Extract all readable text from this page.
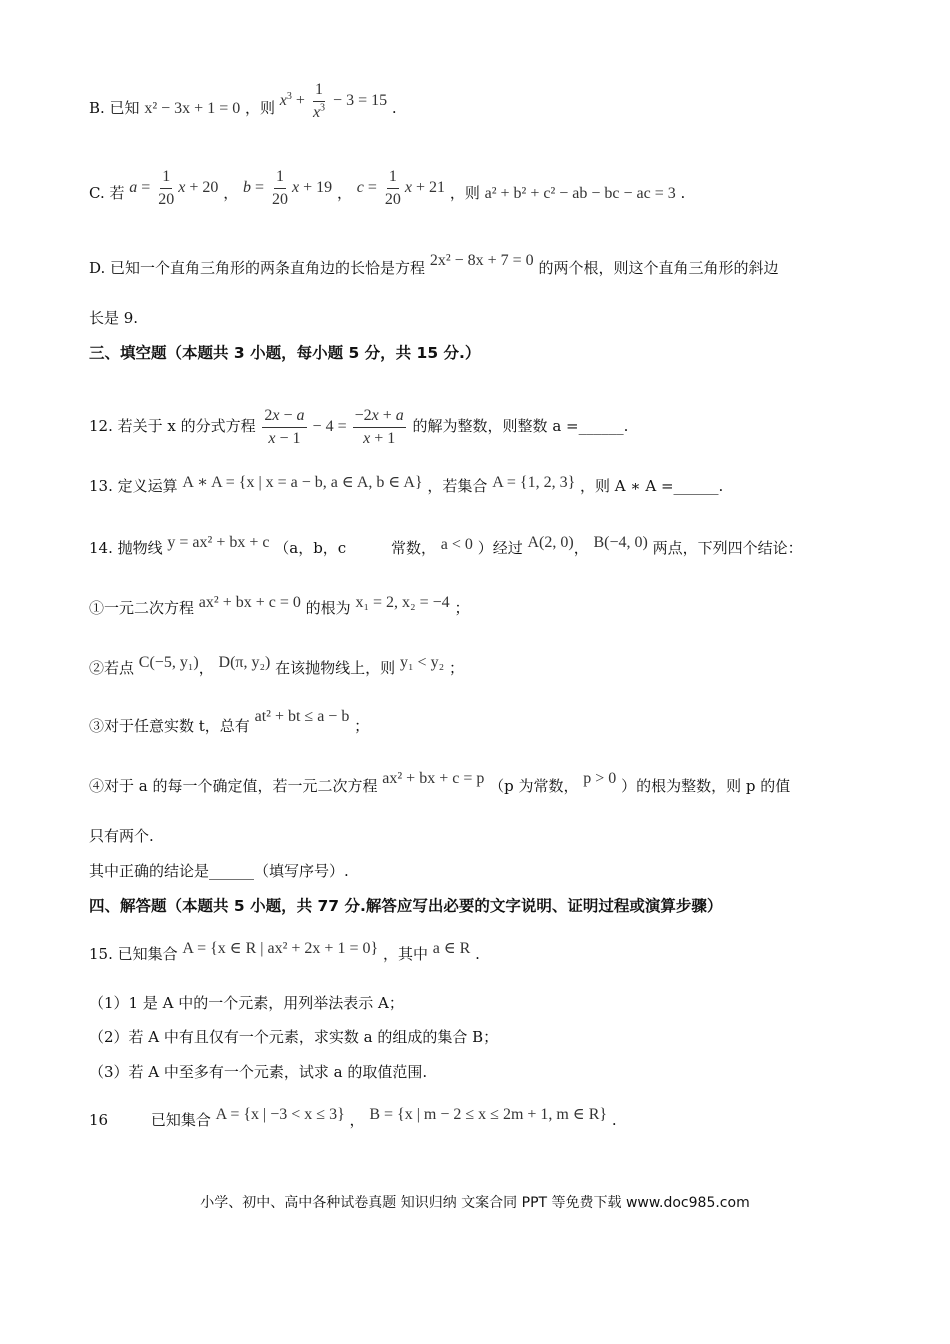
B. 已知 x² − 3x + 1 = 0 ，则 $x^3 + \frac{1}{x^3} - 3 = 15$ .
C. 若 $a = \frac{1}{20}$ x + 20 ， $b = \frac{1}{20}$ x + 19 ， $c = \frac{1}{20}$ x + 21 ，则 a² + b² + c² − ab − bc − ac = 3 .
D. 已知一个直角三角形的两条直角边的长恰是方程 2x² − 8x + 7 = 0 的两个根，则这个直角三角形的斜边
长是 9.
三、填空题（本题共 3 小题，每小题 5 分，共 15 分.）
12. 若关于 x 的分式方程 $\frac{2x - a}{x - 1} - 4 = \frac{-2x + a}{x + 1}$ 的解为整数，则整数 a =______.
13. 定义运算 A ∗ A = {x | x = a − b, a ∈ A, b ∈ A} ，若集合 A = {1, 2, 3} ，则 A ∗ A =______.
14. 抛物线 y = ax² + bx + c （a，b，c	常数， a < 0 ）经过 A(2, 0)， B(−4, 0) 两点，下列四个结论：
①一元二次方程 ax² + bx + c = 0 的根为 x₁ = 2, x₂ = −4 ；
②若点 C(−5, y₁)， D(π, y₂) 在该抛物线上，则 y₁ < y₂ ；
③对于任意实数 t，总有 at² + bt ≤ a − b ；
④对于 a 的每一个确定值，若一元二次方程 ax² + bx + c = p （p 为常数， p > 0 ）的根为整数，则 p 的值
只有两个.
其中正确的结论是______（填写序号）.
四、解答题（本题共 5 小题，共 77 分.解答应写出必要的文字说明、证明过程或演算步骤）
15. 已知集合 A = {x ∈ R | ax² + 2x + 1 = 0} ，其中 a ∈ R .
（1）1 是 A 中的一个元素，用列举法表示 A；
（2）若 A 中有且仅有一个元素，求实数 a 的组成的集合 B；
（3）若 A 中至多有一个元素，试求 a 的取值范围.
16	已知集合 A = {x | −3 < x ≤ 3} ， B = {x | m − 2 ≤ x ≤ 2m + 1, m ∈ R} .
小学、初中、高中各种试卷真题 知识归纳 文案合同 PPT 等免费下载 www.doc985.com
